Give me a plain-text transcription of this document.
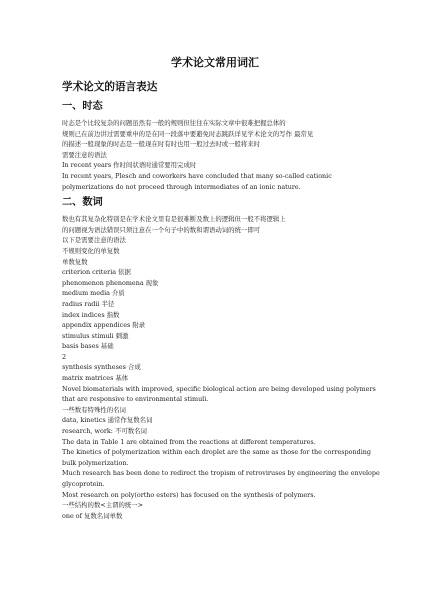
学术论文常用词汇
学术论文的语言表达
一、时态
时态是个比较复杂的问题虽然有一般的规则但往往在实际文章中很难把握总体的
规则已在前边讲过需要重申的是在同一段落中要避免时态跳跃详见学术论文的写作 最常见
的描述一般现象的时态是一般现在时有时也用一般过去时或一般将来时
需要注意的语法
In recent years 作时间状语时通常要用完成时
In recent years, Plesch and coworkers have concluded that many so-called cationic
polymerizations do not proceed through intermediates of an ionic nature.
二、数词
数也有其复杂化特别是在学术论文里有是很难断及数上的逻辑但一般不将逻辑上
的问题视为语法错误只须注意在一个句子中的数和谓语动词的统一即可
以下是需要注意的语法
不规则变化的单复数
单数复数
criterion criteria 依据
phenomenon phenomena 现象
medium media 介质
radius radii 半径
index indices 指数
appendix appendices 附录
stimulus stimuli 刺激
basis bases 基础
2
synthesis syntheses 合成
matrix matrices 基体
Novel biomaterials with improved, specific biological action are being developed using polymers
that are responsive to environmental stimuli.
一些数有特殊性的名词
data, kinetics 通常作复数名词
research, work: 不可数名词
The data in Table 1 are obtained from the reactions at different temperatures.
The kinetics of polymerization within each droplet are the same as those for the corresponding
bulk polymerization.
Much research has been done to redirect the tropism of retroviruses by engineering the envelope
glycoprotein.
Most research on poly(ortho esters) has focused on the synthesis of polymers.
一些结构的数<主谓的统一>
one of 复数名词单数
